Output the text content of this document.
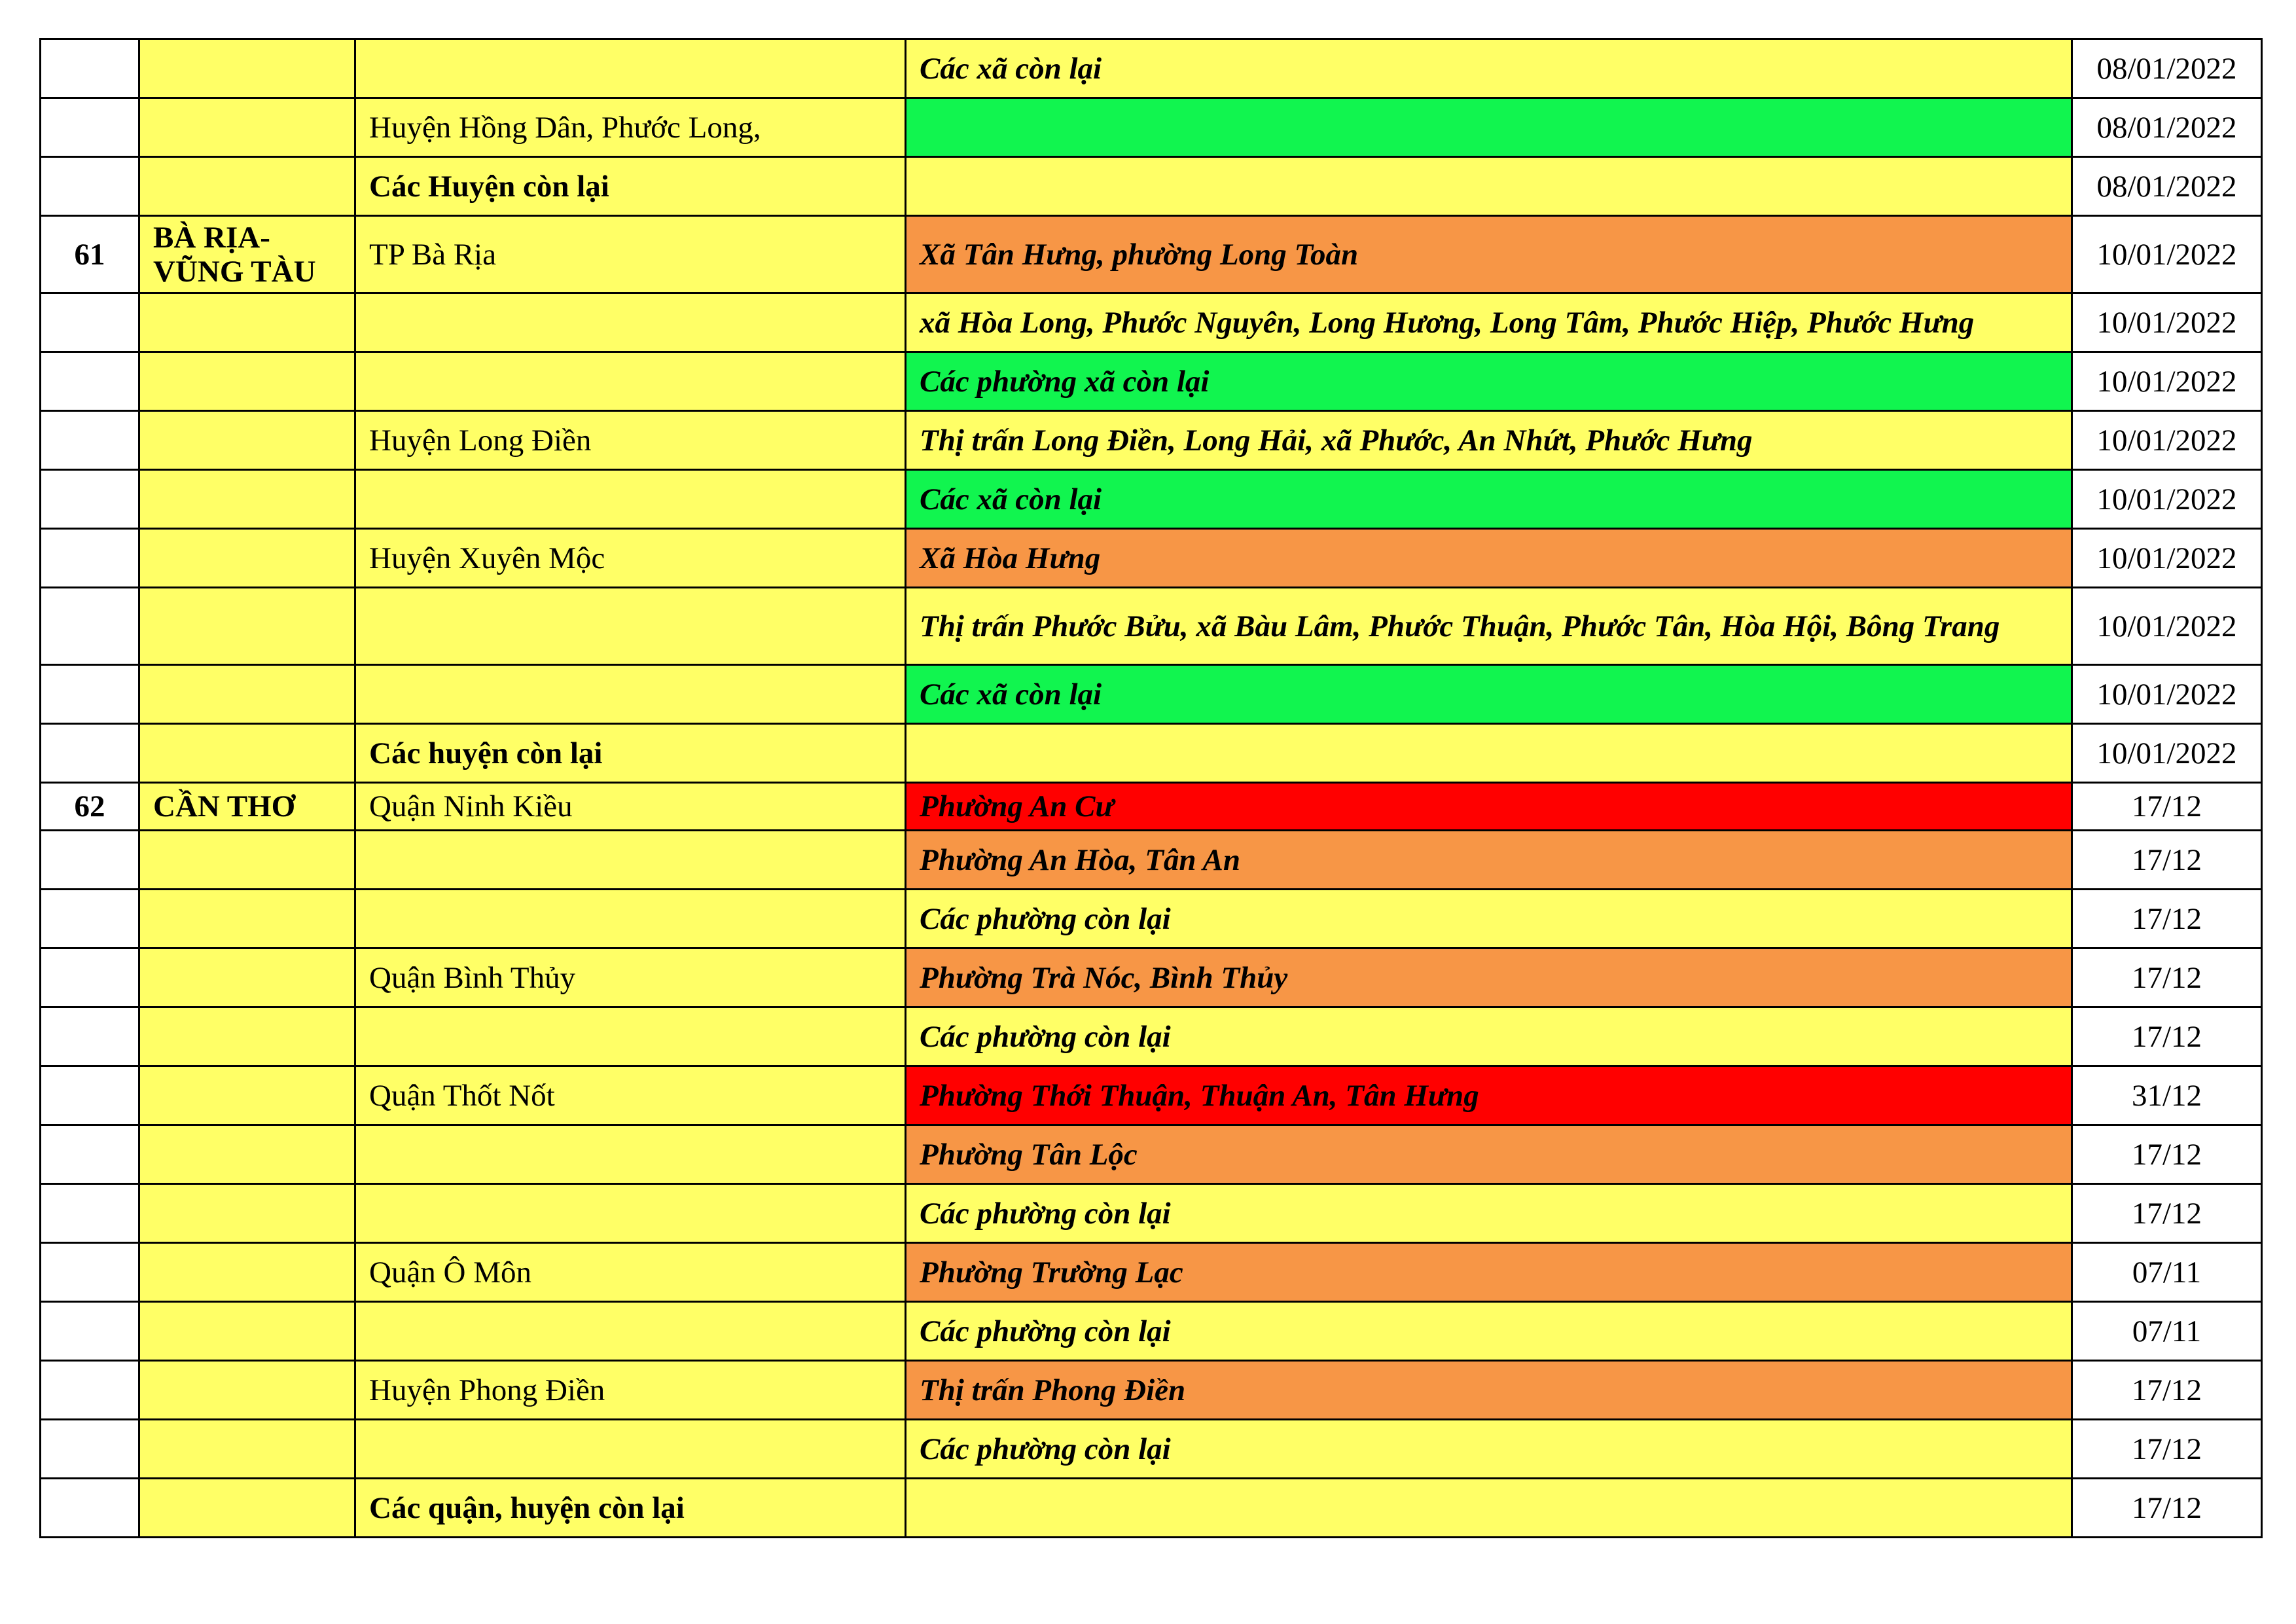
			Các xã còn lại	08/01/2022
		Huyện Hồng Dân, Phước Long,		08/01/2022
		Các Huyện còn lại		08/01/2022
61	BÀ RỊA-VŨNG TÀU	TP Bà Rịa	Xã Tân Hưng, phường Long Toàn	10/01/2022
			xã Hòa Long, Phước Nguyên, Long Hương, Long Tâm, Phước Hiệp, Phước Hưng	10/01/2022
			Các phường xã còn lại	10/01/2022
		Huyện Long Điền	Thị trấn Long Điền, Long Hải, xã Phước, An Nhứt, Phước Hưng	10/01/2022
			Các xã còn lại	10/01/2022
		Huyện Xuyên Mộc	Xã Hòa Hưng	10/01/2022
			Thị trấn Phước Bửu, xã Bàu Lâm, Phước Thuận, Phước Tân, Hòa Hội, Bông Trang	10/01/2022
			Các xã còn lại	10/01/2022
		Các huyện còn lại		10/01/2022
62	CẦN THƠ	Quận Ninh Kiều	Phường An Cư	17/12
			Phường An Hòa, Tân An	17/12
			Các phường còn lại	17/12
		Quận Bình Thủy	Phường Trà Nóc, Bình Thủy	17/12
			Các phường còn lại	17/12
		Quận Thốt Nốt	Phường Thới Thuận, Thuận An, Tân Hưng	31/12
			Phường Tân Lộc	17/12
			Các phường còn lại	17/12
		Quận Ô Môn	Phường Trường Lạc	07/11
			Các phường còn lại	07/11
		Huyện Phong Điền	Thị trấn Phong Điền	17/12
			Các phường còn lại	17/12
		Các quận, huyện còn lại		17/12
